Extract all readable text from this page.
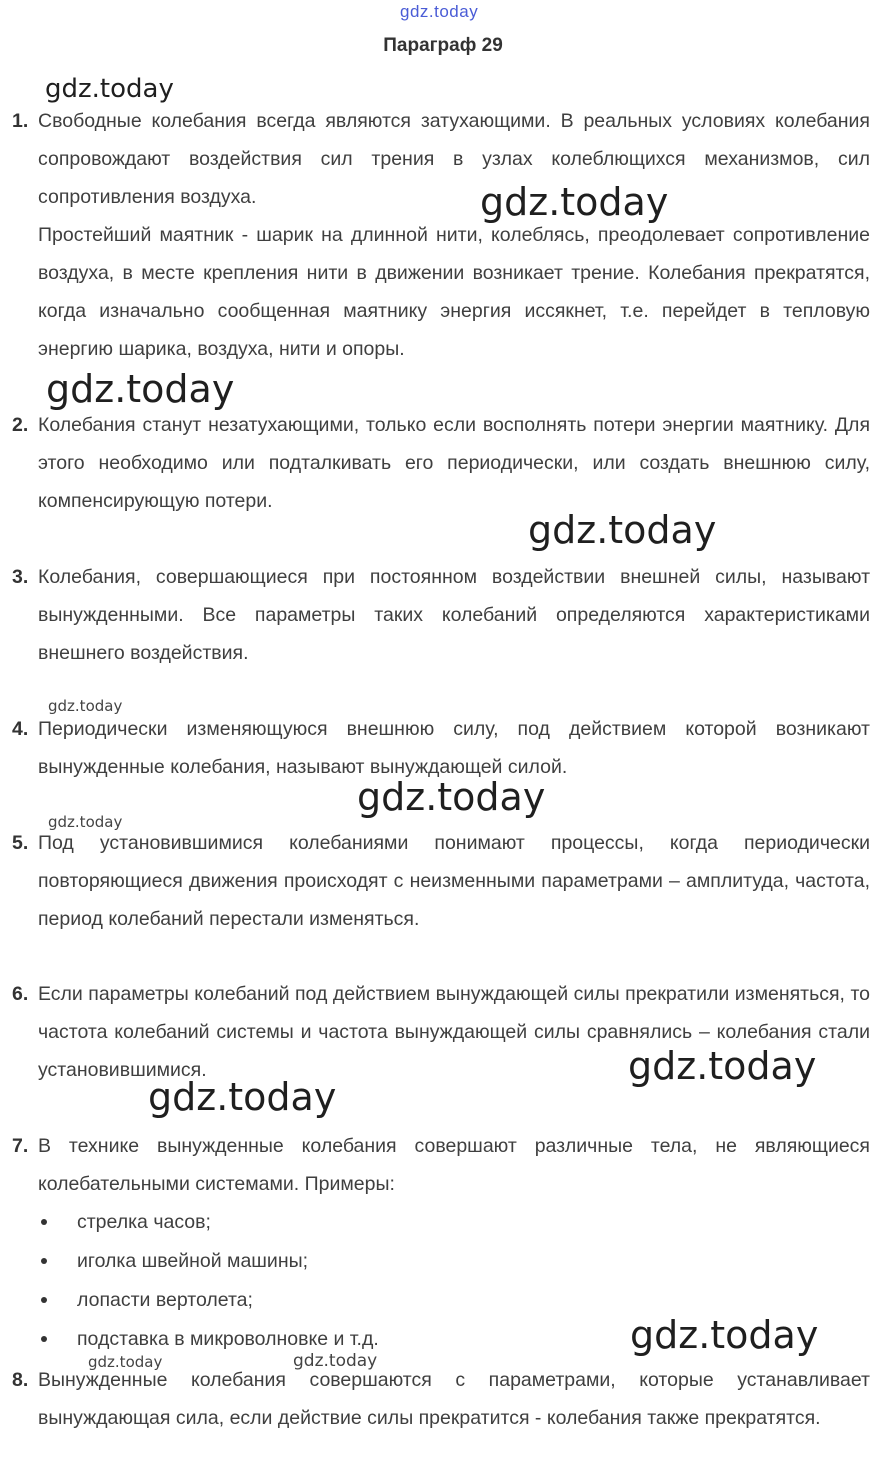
gdz.today
Параграф 29
1. Свободные колебания всегда являются затухающими. В реальных условиях колебания сопровождают воздействия сил трения в узлах колеблющихся механизмов, сил сопротивления воздуха.

Простейший маятник - шарик на длинной нити, колеблясь, преодолевает сопротивление воздуха, в месте крепления нити в движении возникает трение. Колебания прекратятся, когда изначально сообщенная маятнику энергия иссякнет, т.е. перейдет в тепловую энергию шарика, воздуха, нити и опоры.

2. Колебания станут незатухающими, только если восполнять потери энергии маятнику. Для этого необходимо или подталкивать его периодически, или создать внешнюю силу, компенсирующую потери.

3. Колебания, совершающиеся при постоянном воздействии внешней силы, называют вынужденными. Все параметры таких колебаний определяются характеристиками внешнего воздействия.

4. Периодически изменяющуюся внешнюю силу, под действием которой возникают вынужденные колебания, называют вынуждающей силой.

5. Под установившимися колебаниями понимают процессы, когда периодически повторяющиеся движения происходят с неизменными параметрами – амплитуда, частота, период колебаний перестали изменяться.

6. Если параметры колебаний под действием вынуждающей силы прекратили изменяться, то частота колебаний системы и частота вынуждающей силы сравнялись – колебания стали установившимися.

7. В технике вынужденные колебания совершают различные тела, не являющиеся колебательными системами. Примеры:

стрелка часов;
иголка швейной машины;
лопасти вертолета;
подставка в микроволновке и т.д.
8. Вынужденные колебания совершаются с параметрами, которые устанавливает вынуждающая сила, если действие силы прекратится - колебания также прекратятся.

gdz.today
gdz.today
gdz.today
gdz.today
gdz.today
gdz.today
gdz.today
gdz.today
gdz.today
gdz.today
gdz.today	gdz.today
